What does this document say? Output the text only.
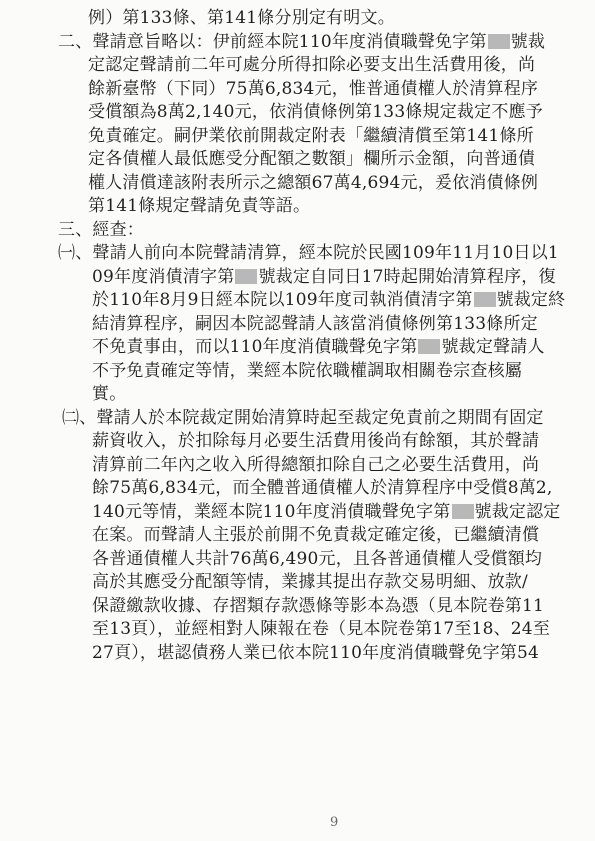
例）第133條、第141條分別定有明文。
二、聲請意旨略以：伊前經本院110年度消債職聲免字第 號裁
定認定聲請前二年可處分所得扣除必要支出生活費用後，尚
餘新臺幣（下同）75萬6,834元，惟普通債權人於清算程序
受償額為8萬2,140元，依消債條例第133條規定裁定不應予
免責確定。嗣伊業依前開裁定附表「繼續清償至第141條所
定各債權人最低應受分配額之數額」欄所示金額，向普通債
權人清償達該附表所示之總額67萬4,694元，爰依消債條例
第141條規定聲請免責等語。
三、經查：
㈠、聲請人前向本院聲請清算，經本院於民國109年11月10日以1
09年度消債清字第 號裁定自同日17時起開始清算程序，復
於110年8月9日經本院以109年度司執消債清字第 號裁定終
結清算程序，嗣因本院認聲請人該當消債條例第133條所定
不免責事由，而以110年度消債職聲免字第 號裁定聲請人
不予免責確定等情，業經本院依職權調取相關卷宗查核屬
實。
㈡、聲請人於本院裁定開始清算時起至裁定免責前之期間有固定
薪資收入，於扣除每月必要生活費用後尚有餘額，其於聲請
清算前二年內之收入所得總額扣除自己之必要生活費用，尚
餘75萬6,834元，而全體普通債權人於清算程序中受償8萬2,
140元等情，業經本院110年度消債職聲免字第 號裁定認定
在案。而聲請人主張於前開不免責裁定確定後，已繼續清償
各普通債權人共計76萬6,490元，且各普通債權人受償額均
高於其應受分配額等情，業據其提出存款交易明細、放款/
保證繳款收據、存摺類存款憑條等影本為憑（見本院卷第11
至13頁），並經相對人陳報在卷（見本院卷第17至18、24至
27頁），堪認債務人業已依本院110年度消債職聲免字第54
9
